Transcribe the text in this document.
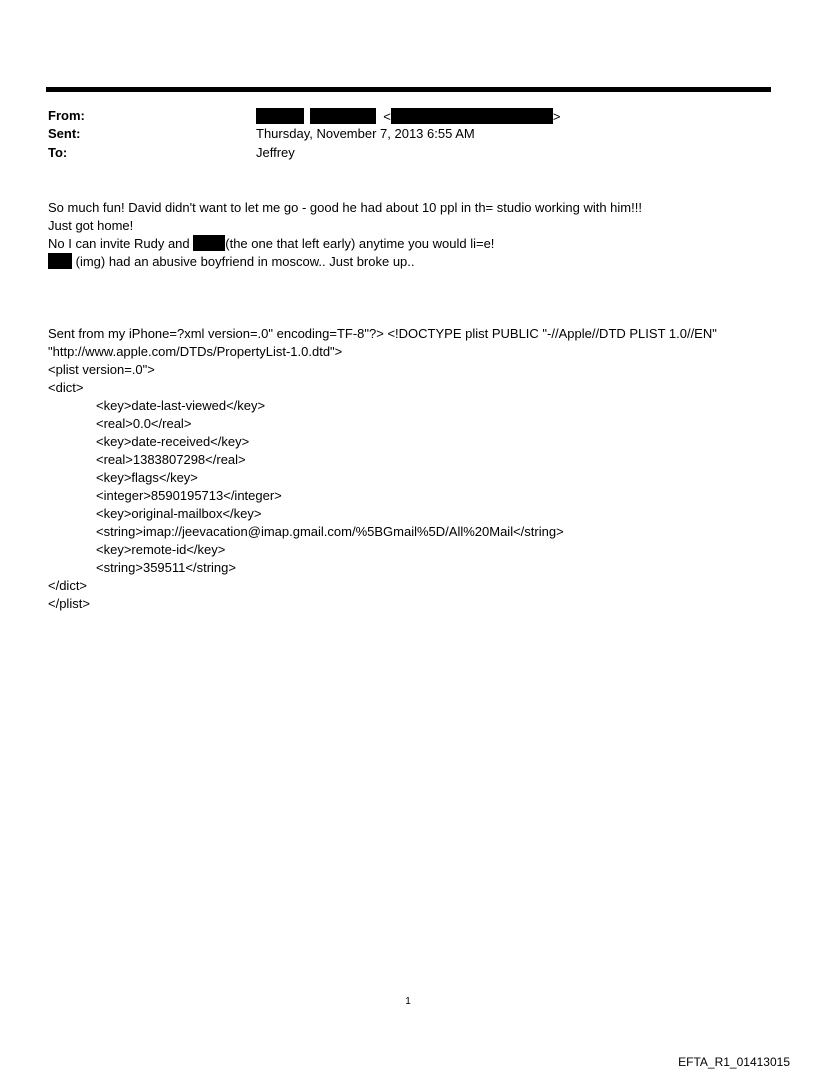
From:
Sent:
To:
<	>
Thursday, November 7, 2013 6:55 AM
Jeffrey

So much fun! David didn't want to let me go - good he had about 10 ppl in th= studio working with him!!!

Just got home!

No I can invite Rudy and (the one that left early) anytime you would li=e!

(img) had an abusive boyfriend in moscow.. Just broke up..

Sent from my iPhone=?xml version=.0" encoding=TF-8"?> <!DOCTYPE plist PUBLIC "-//Apple//DTD PLIST 1.0//EN"

"http://www.apple.com/DTDs/PropertyList-1.0.dtd">

<plist version=.0">

<dict>

<key>date-last-viewed</key>

<real>0.0</real>

<key>date-received</key>

<real>1383807298</real>

<key>flags</key>

<integer>8590195713</integer>

<key>original-mailbox</key>

<string>imap://jeevacation@imap.gmail.com/%5BGmail%5D/All%20Mail</string>

<key>remote-id</key>

<string>359511</string>

</dict>

</plist>

1
EFTA_R1_01413015
